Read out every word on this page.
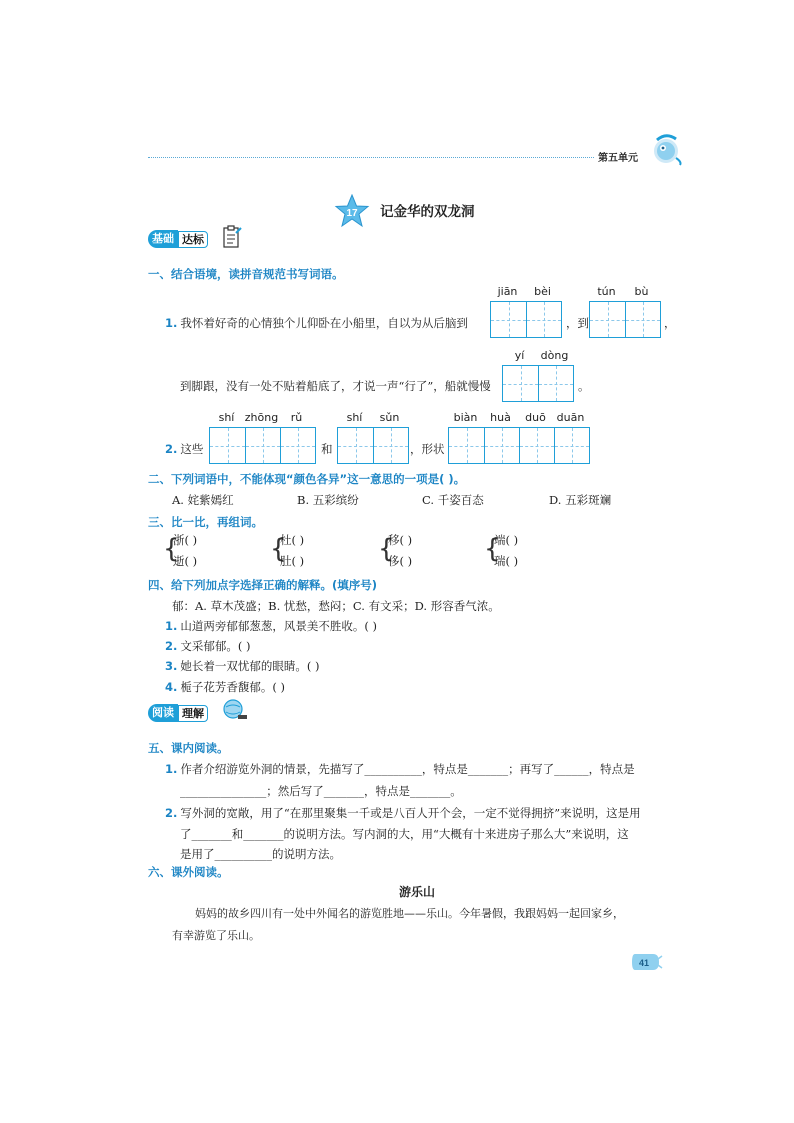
第五单元
17 记金华的双龙洞
基础 达标
一、结合语境，读拼音规范书写词语。
1. 我怀着好奇的心情独个儿仰卧在小船里，自以为从后脑到
jiān	bèi
，到
tún	bù
，
到脚跟，没有一处不贴着船底了，才说一声“行了”，船就慢慢
yí	dòng
。
2. 这些
shí zhōng	rǔ
和
shí	sǔn
，形状
biàn	huà	duō duān
二、下列词语中，不能体现“颜色各异”这一意思的一项是( )。
A. 姹紫嫣红	B. 五彩缤纷	C. 千姿百态	D. 五彩斑斓
三、比一比，再组词。
{
浙( )
逝( )	{
杜( )
肚( )	{
移( )
侈( )	{
端( )
瑞( )
四、给下列加点字选择正确的解释。(填序号)
郁：A. 草木茂盛；B. 忧愁，愁闷；C. 有文采；D. 形容香气浓。
1. 山道两旁郁郁葱葱，风景美不胜收。( )
2. 文采郁郁。( )
3. 她长着一双忧郁的眼睛。( )
4. 栀子花芳香馥郁。( )
阅读 理解
五、课内阅读。
1. 作者介绍游览外洞的情景，先描写了__________，特点是_______；再写了______，特点是
_______________；然后写了_______，特点是_______。
2. 写外洞的宽敞，用了“在那里聚集一千或是八百人开个会，一定不觉得拥挤”来说明，这是用
了_______和_______的说明方法。写内洞的大，用“大概有十来进房子那么大”来说明，这
是用了__________的说明方法。
六、课外阅读。
游乐山
妈妈的故乡四川有一处中外闻名的游览胜地——乐山。今年暑假，我跟妈妈一起回家乡，
有幸游览了乐山。
41
